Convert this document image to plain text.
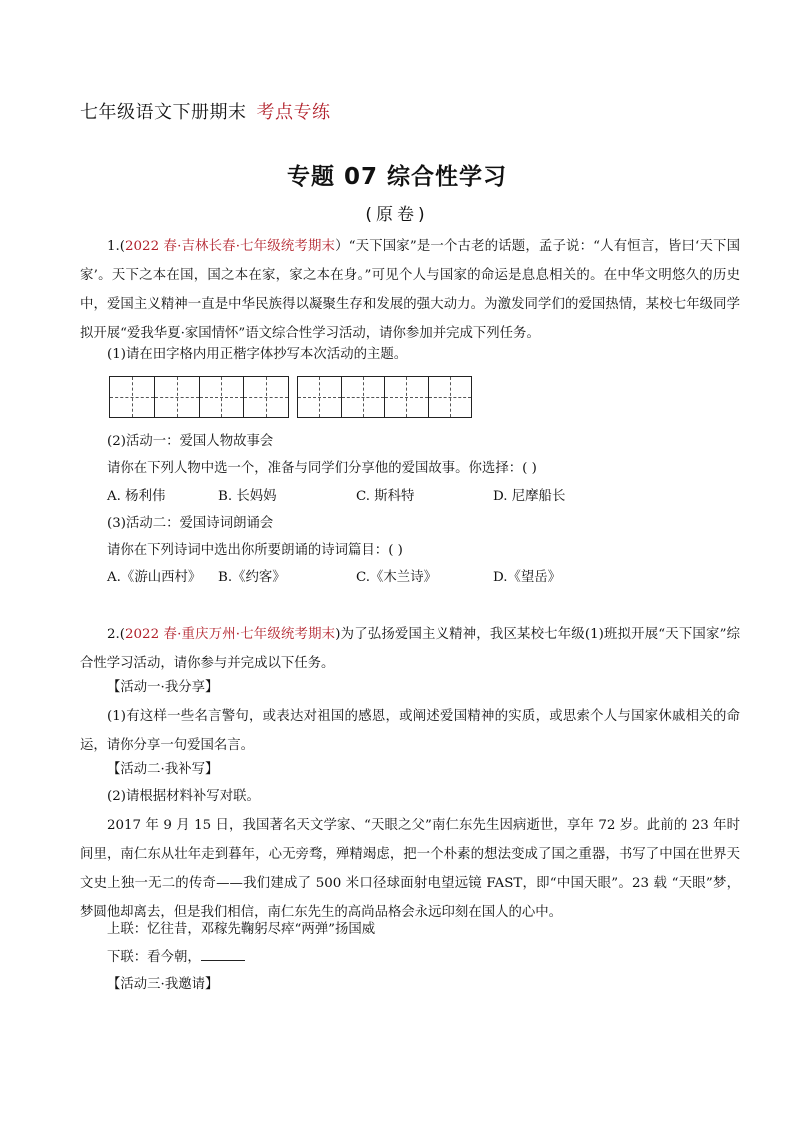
七年级语文下册期末 考点专练
专题 07 综合性学习
(原卷)
1.(2022 春·吉林长春·七年级统考期末）“天下国家”是一个古老的话题，孟子说：“人有恒言，皆曰‘天下国家’。天下之本在国，国之本在家，家之本在身。”可见个人与国家的命运是息息相关的。在中华文明悠久的历史中，爱国主义精神一直是中华民族得以凝聚生存和发展的强大动力。为激发同学们的爱国热情，某校七年级同学拟开展“爱我华夏·家国情怀”语文综合性学习活动，请你参加并完成下列任务。
(1)请在田字格内用正楷字体抄写本次活动的主题。
(2)活动一：爱国人物故事会
请你在下列人物中选一个，准备与同学们分享他的爱国故事。你选择：( )
A. 杨利伟	B. 长妈妈	C. 斯科特	D. 尼摩船长
(3)活动二：爱国诗词朗诵会
请你在下列诗词中选出你所要朗诵的诗词篇目：( )
A.《游山西村》 B.《约客》	C.《木兰诗》	D.《望岳》
2.(2022 春·重庆万州·七年级统考期末)为了弘扬爱国主义精神，我区某校七年级(1)班拟开展“天下国家”综合性学习活动，请你参与并完成以下任务。
【活动一·我分享】
(1)有这样一些名言警句，或表达对祖国的感恩，或阐述爱国精神的实质，或思索个人与国家休戚相关的命运，请你分享一句爱国名言。
【活动二·我补写】
(2)请根据材料补写对联。
2017 年 9 月 15 日，我国著名天文学家、“天眼之父”南仁东先生因病逝世，享年 72 岁。此前的 23 年时间里，南仁东从壮年走到暮年，心无旁骛，殚精竭虑，把一个朴素的想法变成了国之重器，书写了中国在世界天文史上独一无二的传奇——我们建成了 500 米口径球面射电望远镜 FAST，即“中国天眼”。23 载 “天眼”梦，梦圆他却离去，但是我们相信，南仁东先生的高尚品格会永远印刻在国人的心中。
上联：忆往昔，邓稼先鞠躬尽瘁“两弹”扬国威
下联：看今朝，
【活动三·我邀请】
